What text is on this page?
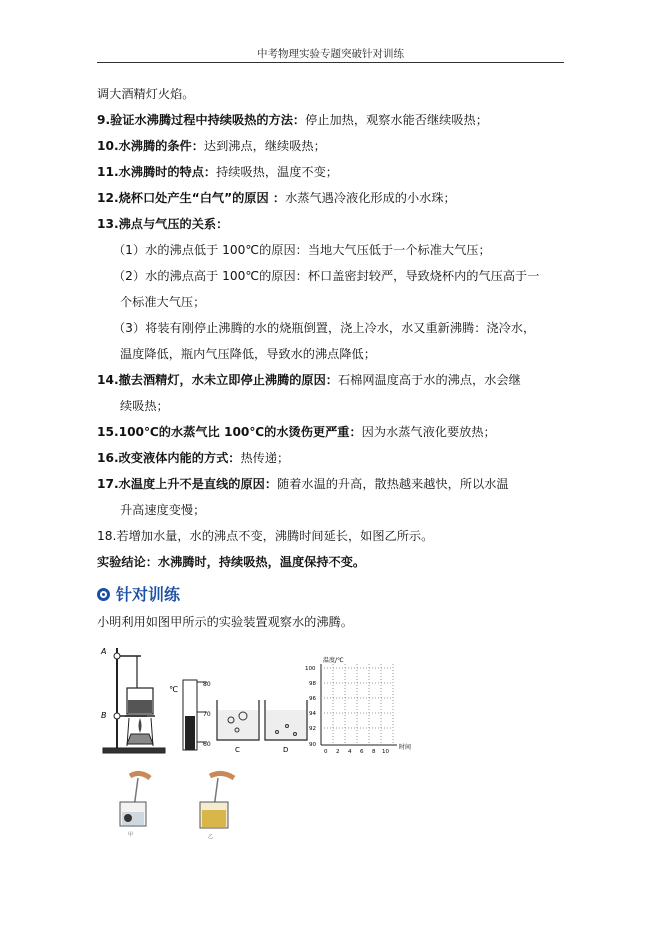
中考物理实验专题突破针对训练
调大酒精灯火焰。
9.验证水沸腾过程中持续吸热的方法：停止加热，观察水能否继续吸热；
10.水沸腾的条件：达到沸点，继续吸热；
11.水沸腾时的特点：持续吸热，温度不变；
12.烧杯口处产生“白气”的原因 ：水蒸气遇冷液化形成的小水珠；
13.沸点与气压的关系：
（1）水的沸点低于 100℃的原因：当地大气压低于一个标准大气压；
（2）水的沸点高于 100℃的原因：杯口盖密封较严，导致烧杯内的气压高于一
个标准大气压；
（3）将装有刚停止沸腾的水的烧瓶倒置，浇上冷水，水又重新沸腾：浇冷水，
温度降低，瓶内气压降低，导致水的沸点降低；
14.撤去酒精灯，水未立即停止沸腾的原因：石棉网温度高于水的沸点，水会继
续吸热；
15.100℃的水蒸气比 100℃的水烫伤更严重：因为水蒸气液化要放热；
16.改变液体内能的方式：热传递；
17.水温度上升不是直线的原因：随着水温的升高，散热越来越快，所以水温
升高速度变慢；
18.若增加水量，水的沸点不变，沸腾时间延长，如图乙所示。
实验结论：水沸腾时，持续吸热，温度保持不变。
针对训练
小明利用如图甲所示的实验装置观察水的沸腾。
A
B
℃
80
70
60
C	D
温度/℃
时间
100
98
96
94
92
90
0 2 4 6 8 10
甲	乙
